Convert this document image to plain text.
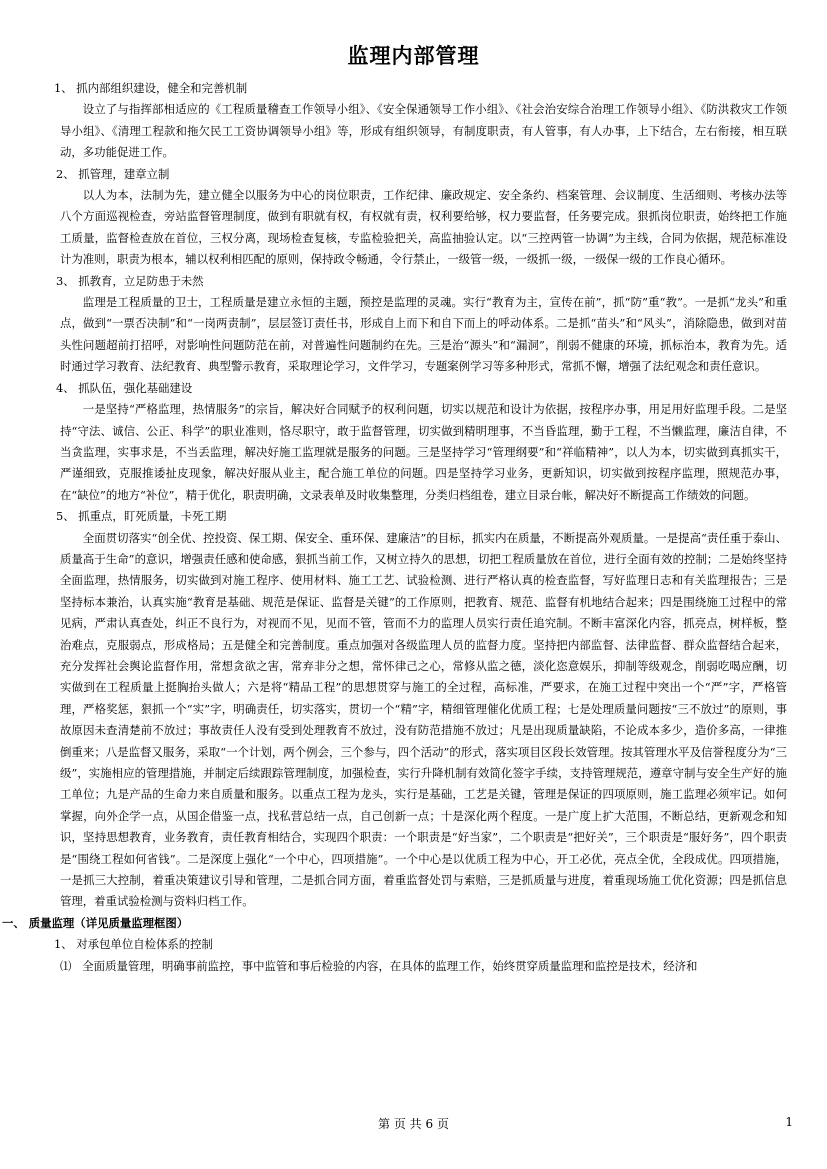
监理内部管理

1、 抓内部组织建设，健全和完善机制

设立了与指挥部相适应的《工程质量稽查工作领导小组》、《安全保通领导工作小组》、《社会治安综合治理工作领导小组》、《防洪救灾工作领导小组》、《清理工程款和拖欠民工工资协调领导小组》等，形成有组织领导，有制度职责，有人管事，有人办事，上下结合，左右衔接，相互联动，多功能促进工作。

2、 抓管理，建章立制

以人为本，法制为先，建立健全以服务为中心的岗位职责，工作纪律、廉政规定、安全条约、档案管理、会议制度、生活细则、考核办法等八个方面巡视检查，旁站监督管理制度，做到有职就有权，有权就有责，权利要给够，权力要监督，任务要完成。狠抓岗位职责，始终把工作施工质量，监督检查放在首位，三权分离，现场检查复核，专监检验把关，高监抽验认定。以“三控两管一协调”为主线，合同为依据，规范标准设计为准则，职责为根本，辅以权利相匹配的原则，保持政令畅通，令行禁止，一级管一级，一级抓一级，一级保一级的工作良心循环。

3、 抓教育，立足防患于未然

监理是工程质量的卫士，工程质量是建立永恒的主题，预控是监理的灵魂。实行“教育为主，宣传在前”，抓“防”重“教”。一是抓“龙头”和重点，做到“一票否决制”和“一岗两责制”，层层签订责任书，形成自上而下和自下而上的呼动体系。二是抓“苗头”和“风头”，消除隐患，做到对苗头性问题超前打招呼，对影响性问题防范在前，对普遍性问题制约在先。三是治“源头”和“漏洞”，削弱不健康的环境，抓标治本，教育为先。适时通过学习教育、法纪教育、典型警示教育，采取理论学习，文件学习，专题案例学习等多种形式，常抓不懈，增强了法纪观念和责任意识。

4、 抓队伍，强化基础建设

一是坚持“严格监理，热情服务”的宗旨，解决好合同赋予的权利问题，切实以规范和设计为依据，按程序办事，用足用好监理手段。二是坚持“守法、诚信、公正、科学”的职业准则，恪尽职守，敢于监督管理，切实做到精明理事，不当昏监理，勤于工程，不当懒监理，廉洁自律，不当贪监理，实事求是，不当丢监理，解决好施工监理就是服务的问题。三是坚持学习“管理纲要”和“祥临精神”，以人为本，切实做到真抓实干，严谨细致，克服推诿扯皮现象，解决好服从业主，配合施工单位的问题。四是坚持学习业务，更新知识，切实做到按程序监理，照规范办事，在“缺位”的地方“补位”，精于优化，职责明确，文录表单及时收集整理，分类归档组卷，建立目录台帐，解决好不断提高工作绩效的问题。

5、 抓重点，盯死质量，卡死工期

全面贯切落实“创全优、控投资、保工期、保安全、重环保、建廉洁”的目标，抓实内在质量，不断提高外观质量。一是提高“责任重于泰山、质量高于生命”的意识，增强责任感和使命感，狠抓当前工作，又树立持久的思想，切把工程质量放在首位，进行全面有效的控制；二是始终坚持全面监理，热情服务，切实做到对施工程序、使用材料、施工工艺、试验检测、进行严格认真的检查监督，写好监理日志和有关监理报告；三是坚持标本兼治，认真实施“教育是基础、规范是保证、监督是关键”的工作原则，把教育、规范、监督有机地结合起来；四是围绕施工过程中的常见病，严肃认真查处，纠正不良行为，对视而不见，见而不管，管而不力的监理人员实行责任追究制。不断丰富深化内容，抓亮点，树样板，整治难点，克服弱点，形成格局；五是健全和完善制度。重点加强对各级监理人员的监督力度。坚持把内部监督、法律监督、群众监督结合起来，充分发挥社会舆论监督作用，常想贪欲之害，常弃非分之想，常怀律己之心，常修从监之德，淡化恣意娱乐，抑制等级观念，削弱吃喝应酬，切实做到在工程质量上挺胸抬头做人；六是将“精品工程”的思想贯穿与施工的全过程，高标准，严要求，在施工过程中突出一个“严”字，严格管理，严格奖惩，狠抓一个“实”字，明确责任，切实落实，贯切一个“精”字，精细管理催化优质工程；七是处理质量问题按“三不放过”的原则，事故原因未查清楚前不放过；事故责任人没有受到处理教育不放过，没有防范措施不放过；凡是出现质量缺陷，不论成本多少，造价多高，一律推倒重来；八是监督又服务，采取“一个计划，两个例会，三个参与，四个活动”的形式，落实项目区段长效管理。按其管理水平及信誉程度分为“三级”，实施相应的管理措施，并制定后续跟踪管理制度，加强检查，实行升降机制有效简化签字手续，支持管理规范，遵章守制与安全生产好的施工单位；九是产品的生命力来自质量和服务。以重点工程为龙头，实行是基础，工艺是关键，管理是保证的四项原则，施工监理必须牢记。如何掌握，向外企学一点，从国企借鉴一点，找私营总结一点，自己创新一点；十是深化两个程度。一是广度上扩大范围，不断总结，更新观念和知识，坚持思想教育，业务教育，责任教育相结合，实现四个职责：一个职责是“好当家”，二个职责是“把好关”，三个职责是“服好务”，四个职责是“围绕工程如何省钱”。二是深度上强化“一个中心，四项措施”。一个中心是以优质工程为中心，开工必优，亮点全优，全段成优。四项措施，一是抓三大控制，着重决策建议引导和管理，二是抓合同方面，着重监督处罚与索赔，三是抓质量与进度，着重现场施工优化资源；四是抓信息管理，着重试验检测与资料归档工作。

一、 质量监理（详见质量监理框图）

1、 对承包单位自检体系的控制

⑴ 全面质量管理，明确事前监控，事中监管和事后检验的内容，在具体的监理工作，始终贯穿质量监理和监控是技术，经济和

第 页 共 6 页	1
